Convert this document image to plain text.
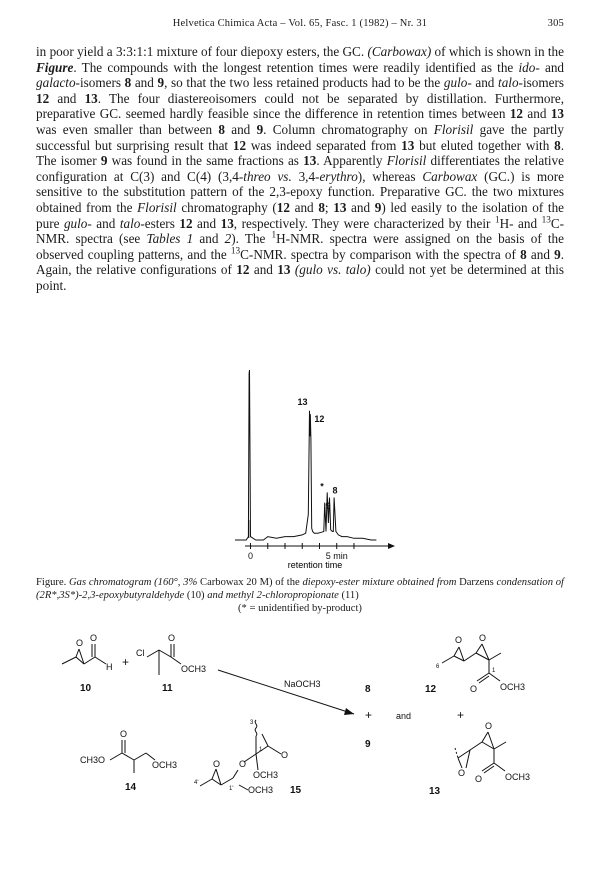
Helvetica Chimica Acta – Vol. 65, Fasc. 1 (1982) – Nr. 31	305

in poor yield a 3:3:1:1 mixture of four diepoxy esters, the GC. (Carbowax) of which is shown in the Figure. The compounds with the longest retention times were readily identified as the ido- and galacto-isomers 8 and 9, so that the two less retained products had to be the gulo- and talo-isomers 12 and 13. The four diastereoisomers could not be separated by distillation. Furthermore, preparative GC. seemed hardly feasible since the difference in retention times between 12 and 13 was even smaller than between 8 and 9. Column chromatography on Florisil gave the partly successful but surprising result that 12 was indeed separated from 13 but eluted together with 8. The isomer 9 was found in the same fractions as 13. Apparently Florisil differentiates the relative configuration at C(3) and C(4) (3,4-threo vs. 3,4-erythro), whereas Carbowax (GC.) is more sensitive to the substitution pattern of the 2,3-epoxy function. Preparative GC. the two mixtures obtained from the Florisil chromatography (12 and 8; 13 and 9) led easily to the isolation of the pure gulo- and talo-esters 12 and 13, respectively. They were characterized by their $^1$H- and $^{13}$C-NMR. spectra (see Tables 1 and 2). The $^1$H-NMR. spectra were assigned on the basis of the observed coupling patterns, and the $^{13}$C-NMR. spectra by comparison with the spectra of 8 and 9. Again, the relative configurations of 12 and 13 (gulo vs. talo) could not yet be determined at this point.

13
12
9
* 8
0	5 min
retention time
Figure. Gas chromatogram (160°, 3% Carbowax 20 M) of the diepoxy-ester mixture obtained from Darzens condensation of (2R*,3S*)-2,3-epoxybutyraldehyde (10) and methyl 2-chloropropionate (11)
(* = unidentified by-product)
O O
H
10
+
Cl
O
OCH3
11	NaOCH3	8
+	and
9
+
O O
6
1
O	OCH3
12
CH3O
O
OCH3
14
O
O
O
OCH3
OCH3
3
1
4'
1'	15
O
O
O	OCH3
13
